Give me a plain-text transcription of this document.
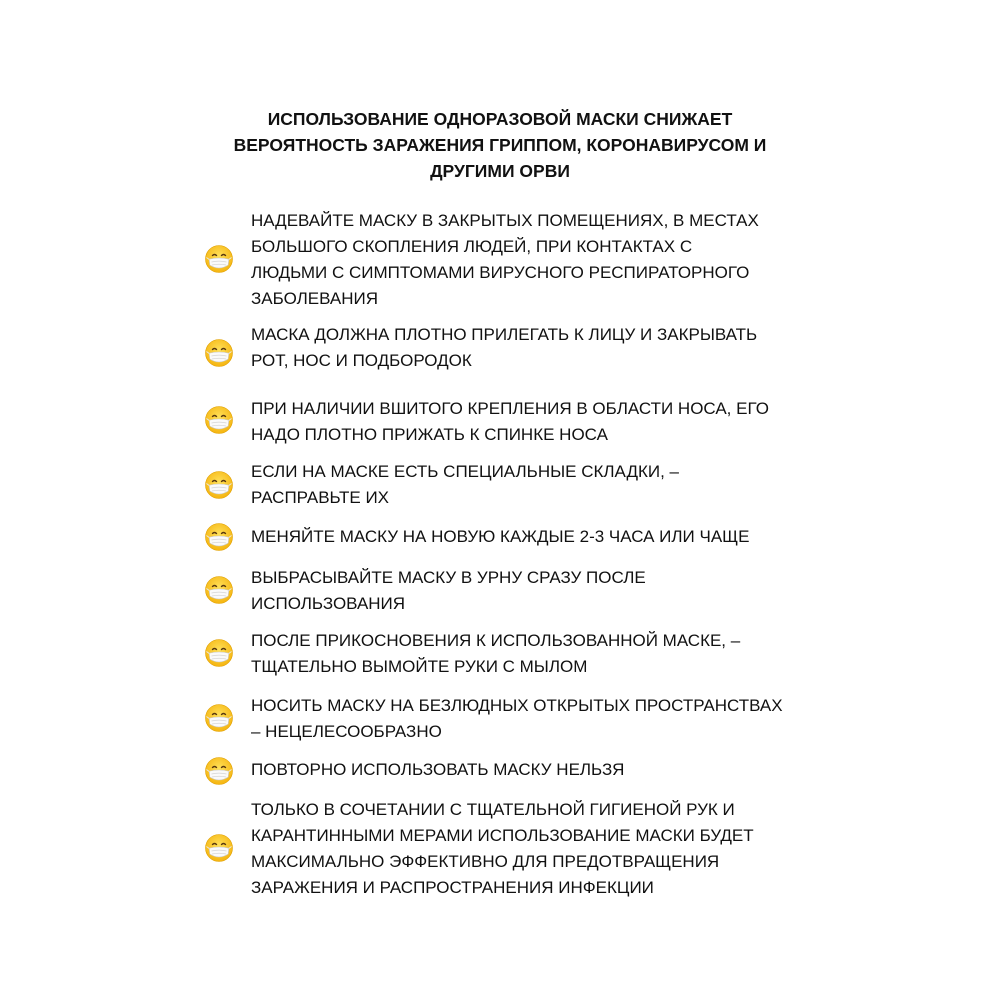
ИСПОЛЬЗОВАНИЕ ОДНОРАЗОВОЙ МАСКИ СНИЖАЕТ
ВЕРОЯТНОСТЬ ЗАРАЖЕНИЯ ГРИППОМ, КОРОНАВИРУСОМ И
ДРУГИМИ ОРВИ
НАДЕВАЙТЕ МАСКУ В ЗАКРЫТЫХ ПОМЕЩЕНИЯХ, В МЕСТАХ
БОЛЬШОГО СКОПЛЕНИЯ ЛЮДЕЙ, ПРИ КОНТАКТАХ С
ЛЮДЬМИ С СИМПТОМАМИ ВИРУСНОГО РЕСПИРАТОРНОГО
ЗАБОЛЕВАНИЯ
МАСКА ДОЛЖНА ПЛОТНО ПРИЛЕГАТЬ К ЛИЦУ И ЗАКРЫВАТЬ
РОТ, НОС И ПОДБОРОДОК
ПРИ НАЛИЧИИ ВШИТОГО КРЕПЛЕНИЯ В ОБЛАСТИ НОСА, ЕГО
НАДО ПЛОТНО ПРИЖАТЬ К СПИНКЕ НОСА
ЕСЛИ НА МАСКЕ ЕСТЬ СПЕЦИАЛЬНЫЕ СКЛАДКИ, –
РАСПРАВЬТЕ ИХ
МЕНЯЙТЕ МАСКУ НА НОВУЮ КАЖДЫЕ 2-3 ЧАСА ИЛИ ЧАЩЕ
ВЫБРАСЫВАЙТЕ МАСКУ В УРНУ СРАЗУ ПОСЛЕ
ИСПОЛЬЗОВАНИЯ
ПОСЛЕ ПРИКОСНОВЕНИЯ К ИСПОЛЬЗОВАННОЙ МАСКЕ, –
ТЩАТЕЛЬНО ВЫМОЙТЕ РУКИ С МЫЛОМ
НОСИТЬ МАСКУ НА БЕЗЛЮДНЫХ ОТКРЫТЫХ ПРОСТРАНСТВАХ
– НЕЦЕЛЕСООБРАЗНО
ПОВТОРНО ИСПОЛЬЗОВАТЬ МАСКУ НЕЛЬЗЯ
ТОЛЬКО В СОЧЕТАНИИ С ТЩАТЕЛЬНОЙ ГИГИЕНОЙ РУК И
КАРАНТИННЫМИ МЕРАМИ ИСПОЛЬЗОВАНИЕ МАСКИ БУДЕТ
МАКСИМАЛЬНО ЭФФЕКТИВНО ДЛЯ ПРЕДОТВРАЩЕНИЯ
ЗАРАЖЕНИЯ И РАСПРОСТРАНЕНИЯ ИНФЕКЦИИ
